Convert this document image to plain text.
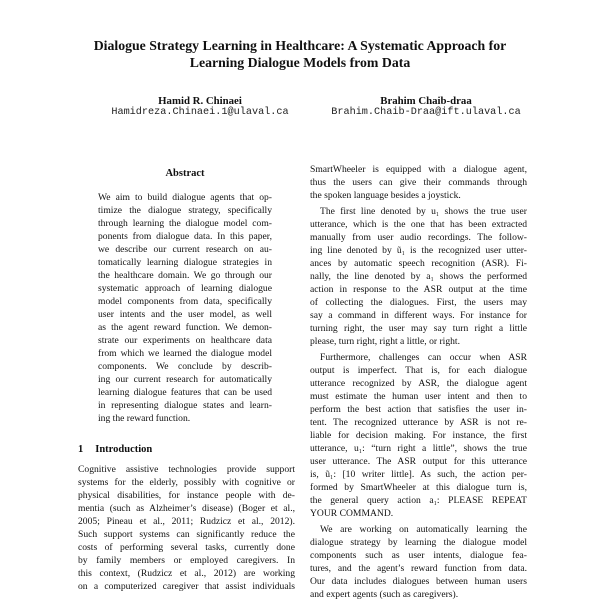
Dialogue Strategy Learning in Healthcare: A Systematic Approach for
Learning Dialogue Models from Data
Hamid R. Chinaei
Hamidreza.Chinaei.1@ulaval.ca
Brahim Chaib-draa
Brahim.Chaib-Draa@ift.ulaval.ca
Abstract
We aim to build dialogue agents that op-
timize the dialogue strategy, specifically
through learning the dialogue model com-
ponents from dialogue data. In this paper,
we describe our current research on au-
tomatically learning dialogue strategies in
the healthcare domain. We go through our
systematic approach of learning dialogue
model components from data, specifically
user intents and the user model, as well
as the agent reward function. We demon-
strate our experiments on healthcare data
from which we learned the dialogue model
components. We conclude by describ-
ing our current research for automatically
learning dialogue features that can be used
in representing dialogue states and learn-
ing the reward function.
1 Introduction
Cognitive assistive technologies provide support
systems for the elderly, possibly with cognitive or
physical disabilities, for instance people with de-
mentia (such as Alzheimer’s disease) (Boger et al.,
2005; Pineau et al., 2011; Rudzicz et al., 2012).
Such support systems can significantly reduce the
costs of performing several tasks, currently done
by family members or employed caregivers. In
this context, (Rudzicz et al., 2012) are working
on a computerized caregiver that assist individuals
SmartWheeler is equipped with a dialogue agent,
thus the users can give their commands through
the spoken language besides a joystick.
The first line denoted by u₁ shows the true user
utterance, which is the one that has been extracted
manually from user audio recordings. The follow-
ing line denoted by ũ₁ is the recognized user utter-
ances by automatic speech recognition (ASR). Fi-
nally, the line denoted by a₁ shows the performed
action in response to the ASR output at the time
of collecting the dialogues. First, the users may
say a command in different ways. For instance for
turning right, the user may say turn right a little
please, turn right, right a little, or right.
Furthermore, challenges can occur when ASR
output is imperfect. That is, for each dialogue
utterance recognized by ASR, the dialogue agent
must estimate the human user intent and then to
perform the best action that satisfies the user in-
tent. The recognized utterance by ASR is not re-
liable for decision making. For instance, the first
utterance, u₁: “turn right a little”, shows the true
user utterance. The ASR output for this utterance
is, ũ₁: [10 writer little]. As such, the action per-
formed by SmartWheeler at this dialogue turn is,
the general query action a₁: PLEASE REPEAT
YOUR COMMAND.
We are working on automatically learning the
dialogue strategy by learning the dialogue model
components such as user intents, dialogue fea-
tures, and the agent’s reward function from data.
Our data includes dialogues between human users
and expert agents (such as caregivers).
